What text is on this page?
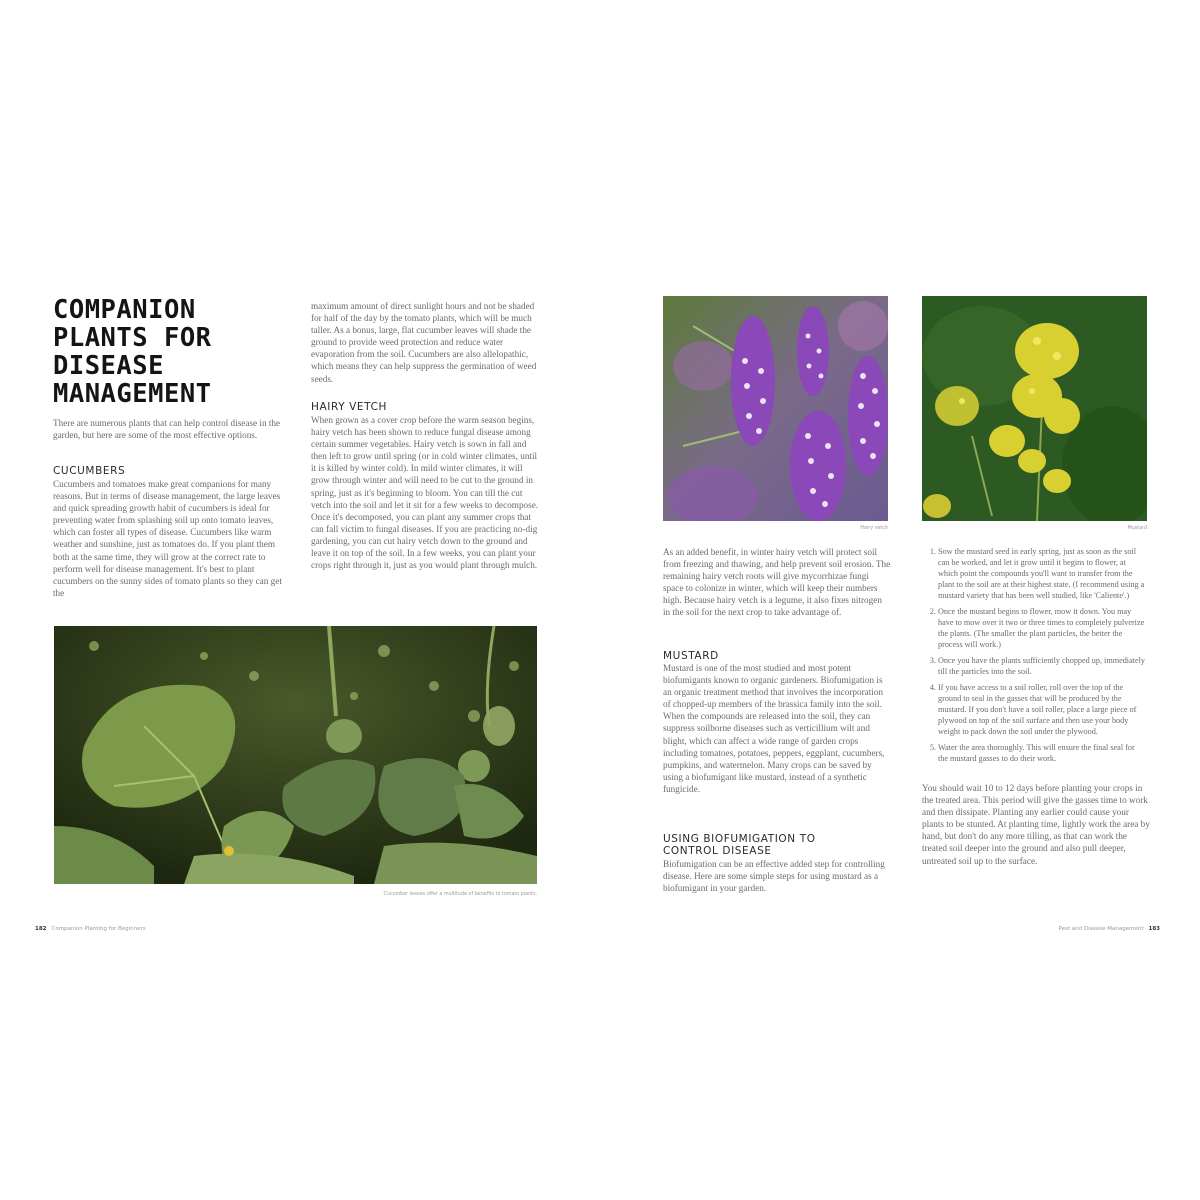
COMPANION
PLANTS FOR
DISEASE
MANAGEMENT
There are numerous plants that can help control disease in the garden, but here are some of the most effective options.
CUCUMBERS
Cucumbers and tomatoes make great companions for many reasons. But in terms of disease management, the large leaves and quick spreading growth habit of cucumbers is ideal for preventing water from splashing soil up onto tomato leaves, which can foster all types of disease. Cucumbers like warm weather and sunshine, just as tomatoes do. If you plant them both at the same time, they will grow at the correct rate to perform well for disease management. It's best to plant cucumbers on the sunny sides of tomato plants so they can get the
maximum amount of direct sunlight hours and not be shaded for half of the day by the tomato plants, which will be much taller. As a bonus, large, flat cucumber leaves will shade the ground to provide weed protection and reduce water evaporation from the soil. Cucumbers are also allelopathic, which means they can help suppress the germination of weed seeds.
HAIRY VETCH
When grown as a cover crop before the warm season begins, hairy vetch has been shown to reduce fungal disease among certain summer vegetables. Hairy vetch is sown in fall and then left to grow until spring (or in cold winter climates, until it is killed by winter cold). In mild winter climates, it will grow through winter and will need to be cut to the ground in spring, just as it's beginning to bloom. You can till the cut vetch into the soil and let it sit for a few weeks to decompose. Once it's decomposed, you can plant any summer crops that can fall victim to fungal diseases. If you are practicing no-dig gardening, you can cut hairy vetch down to the ground and leave it on top of the soil. In a few weeks, you can plant your crops right through it, just as you would plant through mulch.
Cucumber leaves offer a multitude of benefits to tomato plants.
182 Companion Planting for Beginners
Hairy vetch	Mustard
As an added benefit, in winter hairy vetch will protect soil from freezing and thawing, and help prevent soil erosion. The remaining hairy vetch roots will give mycorrhizae fungi space to colonize in winter, which will keep their numbers high. Because hairy vetch is a legume, it also fixes nitrogen in the soil for the next crop to take advantage of.
MUSTARD
Mustard is one of the most studied and most potent biofumigants known to organic gardeners. Biofumigation is an organic treatment method that involves the incorporation of chopped-up members of the brassica family into the soil. When the compounds are released into the soil, they can suppress soilborne diseases such as verticillium wilt and blight, which can affect a wide range of garden crops including tomatoes, potatoes, peppers, eggplant, cucumbers, pumpkins, and watermelon. Many crops can be saved by using a biofumigant like mustard, instead of a synthetic fungicide.
USING BIOFUMIGATION TO
CONTROL DISEASE
Biofumigation can be an effective added step for controlling disease. Here are some simple steps for using mustard as a biofumigant in your garden.
1. Sow the mustard seed in early spring, just as soon as the soil can be worked, and let it grow until it begins to flower, at which point the compounds you'll want to transfer from the plant to the soil are at their highest state. (I recommend using a mustard variety that has been well studied, like 'Caliente'.)
2. Once the mustard begins to flower, mow it down. You may have to mow over it two or three times to completely pulverize the plants. (The smaller the plant particles, the better the process will work.)
3. Once you have the plants sufficiently chopped up, immediately till the particles into the soil.
4. If you have access to a soil roller, roll over the top of the ground to seal in the gasses that will be produced by the mustard. If you don't have a soil roller, place a large piece of plywood on top of the soil surface and then use your body weight to pack down the soil under the plywood.
5. Water the area thoroughly. This will ensure the final seal for the mustard gasses to do their work.
You should wait 10 to 12 days before planting your crops in the treated area. This period will give the gasses time to work and then dissipate. Planting any earlier could cause your plants to be stunted. At planting time, lightly work the area by hand, but don't do any more tilling, as that can work the treated soil deeper into the ground and also pull deeper, untreated soil up to the surface.
Pest and Disease Management 183
